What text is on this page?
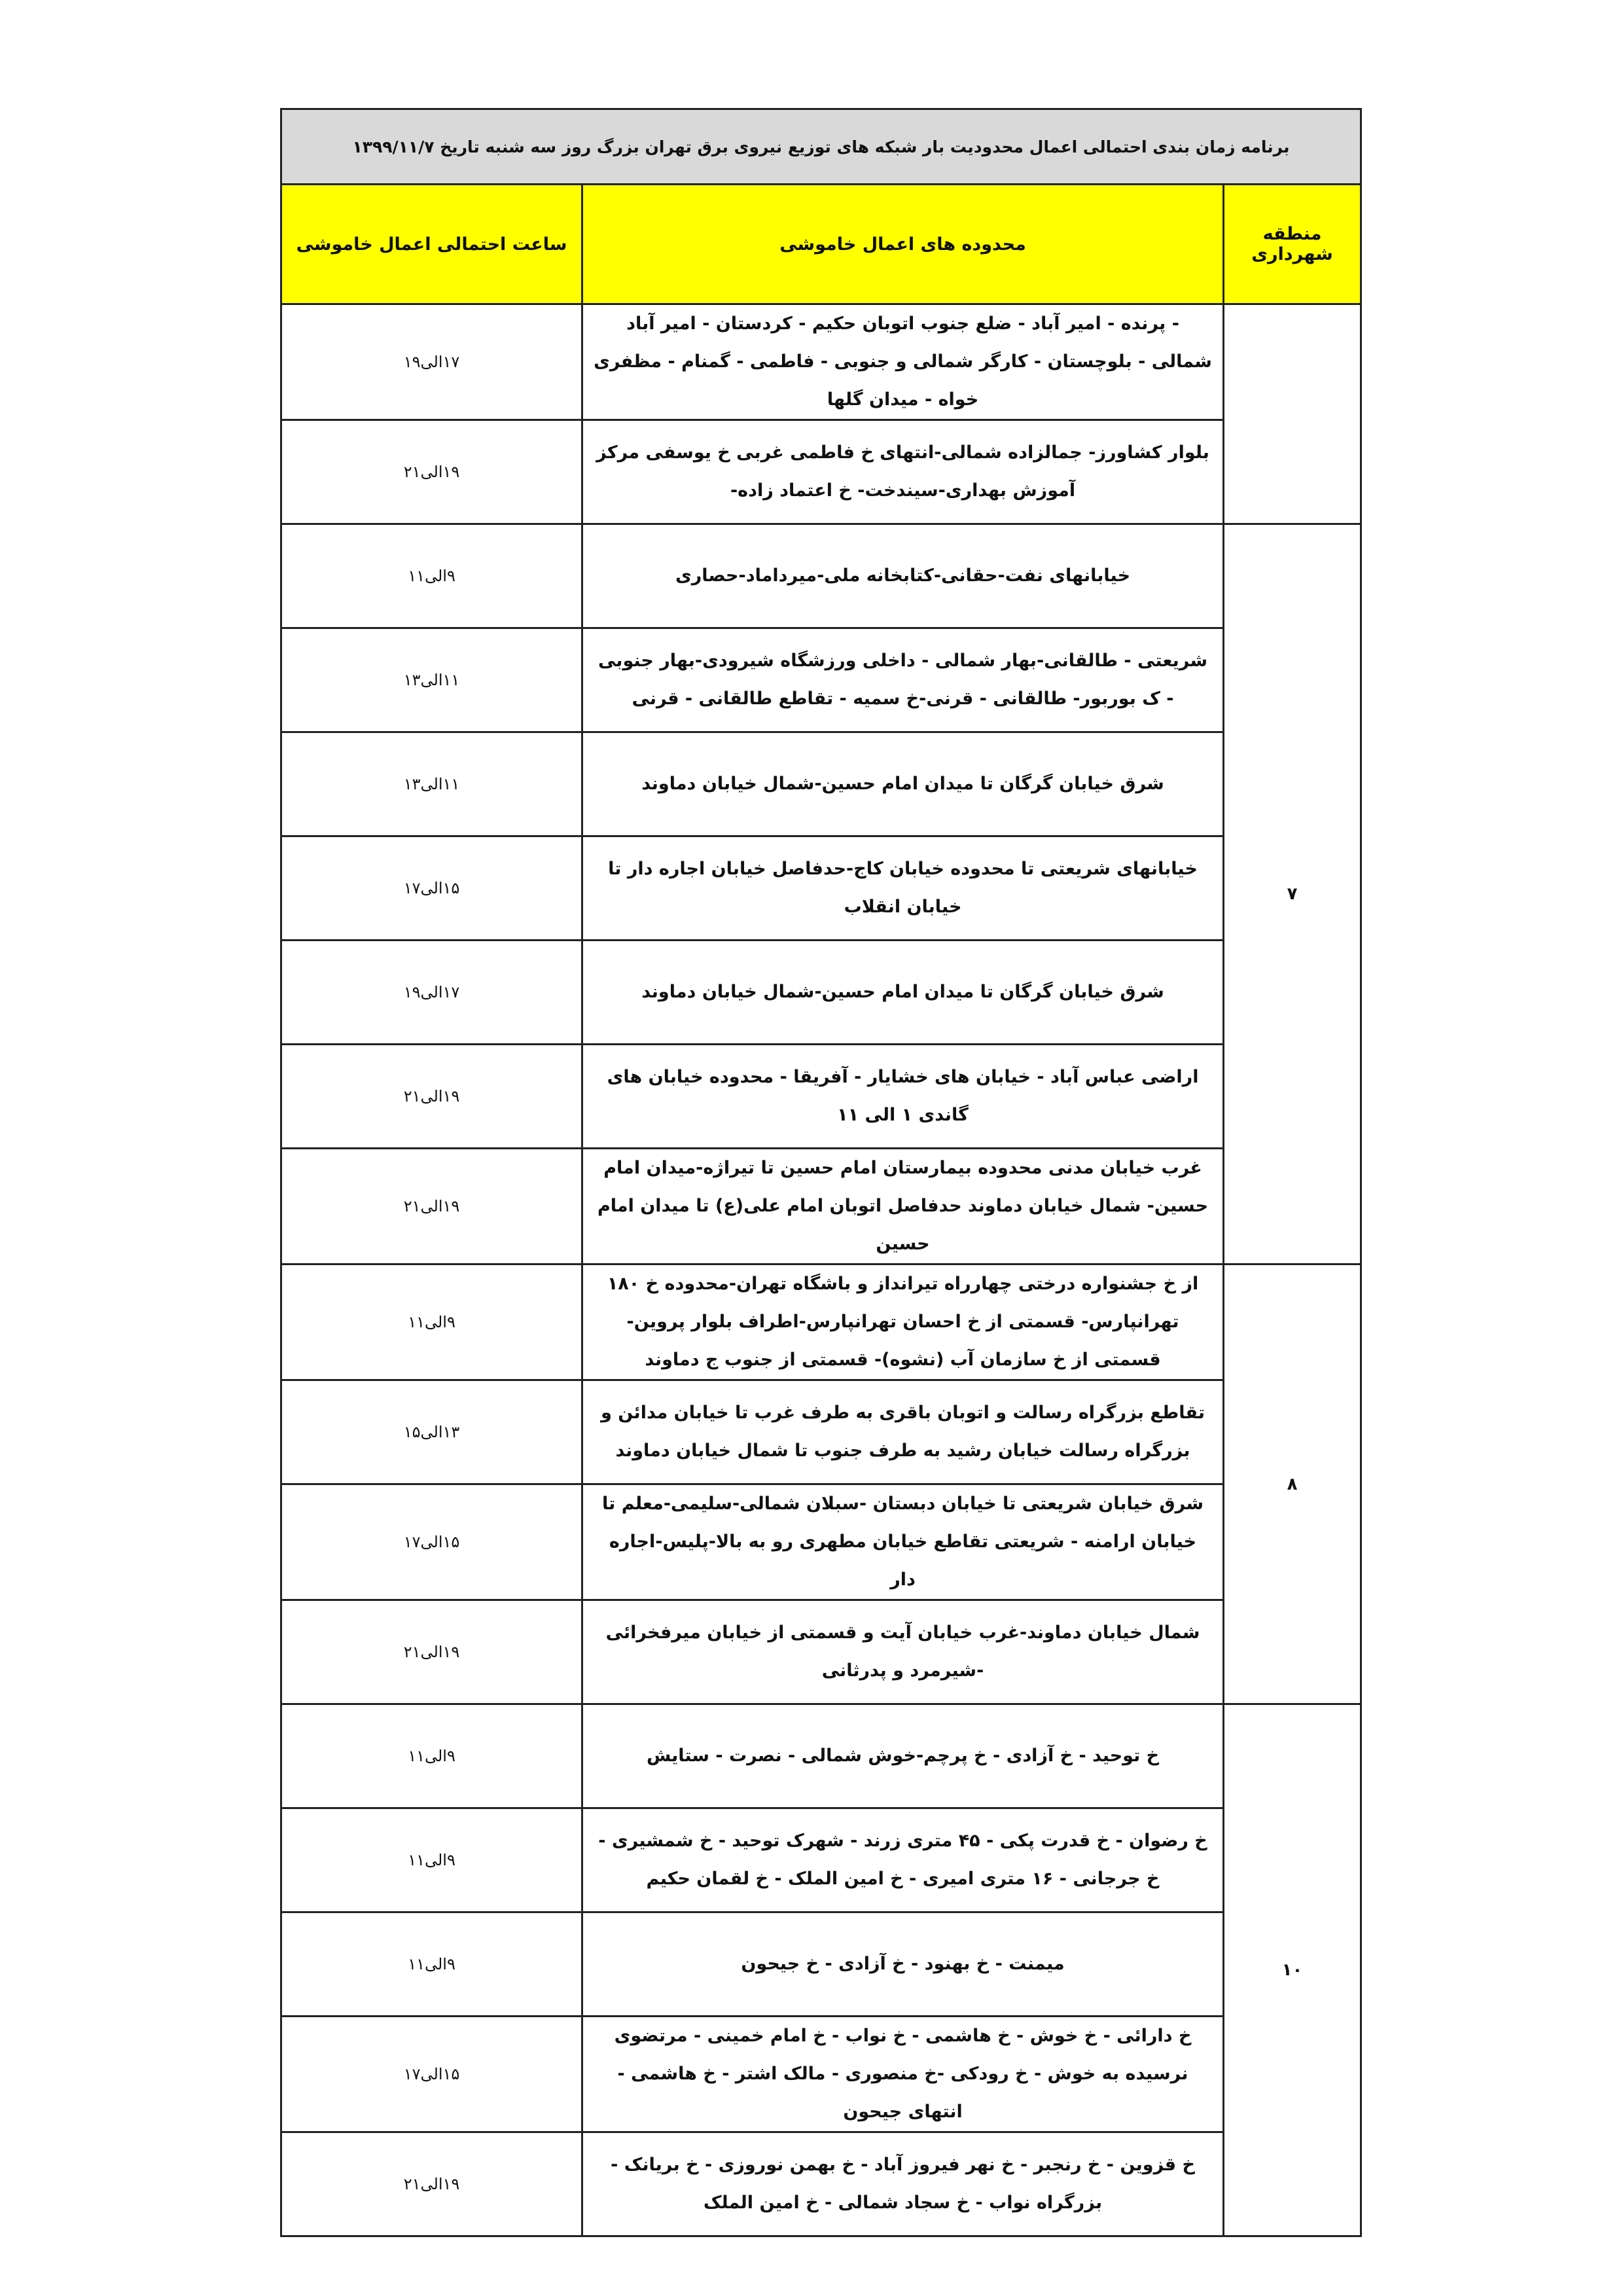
برنامه زمان بندی احتمالی اعمال محدودیت بار شبکه های توزیع نیروی برق تهران بزرگ روز سه شنبه تاریخ ۱۳۹۹/۱۱/۷		
منطقه شهرداری	محدوده های اعمال خاموشی	ساعت احتمالی اعمال خاموشی
	- پرنده - امیر آباد - ضلع جنوب اتوبان حکیم - کردستان - امیر آباد شمالی - بلوچستان - کارگر شمالی و جنوبی - فاطمی - گمنام - مظفری خواه - میدان گلها	۱۷الی۱۹
	بلوار کشاورز- جمالزاده شمالی-انتهای خ فاطمی غربی خ یوسفی مرکز آموزش بهداری-سیندخت- خ اعتماد زاده-	۱۹الی۲۱
۷	خیابانهای نفت-حقانی-کتابخانه ملی-میرداماد-حصاری	۹الی۱۱
	شریعتی - طالقانی-بهار شمالی - داخلی ورزشگاه شیرودی-بهار جنوبی - ک بوربور- طالقانی - قرنی-خ سمیه - تقاطع طالقانی - قرنی	۱۱الی۱۳
	شرق خیابان گرگان تا میدان امام حسین-شمال خیابان دماوند	۱۱الی۱۳
	خیابانهای شریعتی تا محدوده خیابان کاج-حدفاصل خیابان اجاره دار تا خیابان انقلاب	۱۵الی۱۷
	شرق خیابان گرگان تا میدان امام حسین-شمال خیابان دماوند	۱۷الی۱۹
	اراضی عباس آباد - خیابان های خشایار - آفریقا - محدوده خیابان های گاندی ۱ الی ۱۱	۱۹الی۲۱
	غرب خیابان مدنی محدوده بیمارستان امام حسین تا تیراژه-میدان امام حسین- شمال خیابان دماوند حدفاصل اتوبان امام علی(ع) تا میدان امام حسین	۱۹الی۲۱
۸	از خ جشنواره درختی چهارراه تیرانداز و باشگاه تهران-محدوده خ ۱۸۰ تهرانپارس- قسمتی از خ احسان تهرانپارس-اطراف بلوار پروین-قسمتی از خ سازمان آب (نشوه)- قسمتی از جنوب ج دماوند	۹الی۱۱
	تقاطع بزرگراه رسالت و اتوبان باقری به طرف غرب تا خیابان مدائن و بزرگراه رسالت خیابان رشید به طرف جنوب تا شمال خیابان دماوند	۱۳الی۱۵
	شرق خیابان شریعتی تا خیابان دبستان -سبلان شمالی-سلیمی-معلم تا خیابان ارامنه - شریعتی تقاطع خیابان مطهری رو به بالا-پلیس-اجاره دار	۱۵الی۱۷
	شمال خیابان دماوند-غرب خیابان آیت و قسمتی از خیابان میرفخرائی -شیرمرد و پدرثانی	۱۹الی۲۱
۱۰	خ توحید - خ آزادی - خ پرچم-خوش شمالی - نصرت - ستایش	۹الی۱۱
	خ رضوان - خ قدرت پکی - ۴۵ متری زرند - شهرک توحید - خ شمشیری - خ جرجانی - ۱۶ متری امیری - خ امین الملک - خ لقمان حکیم	۹الی۱۱
	میمنت - خ بهنود - خ آزادی - خ جیحون	۹الی۱۱
	خ دارائی - خ خوش - خ هاشمی - خ نواب - خ امام خمینی - مرتضوی نرسیده به خوش - خ رودکی -خ منصوری - مالک اشتر - خ هاشمی - انتهای جیحون	۱۵الی۱۷
	خ قزوین - خ رنجبر - خ نهر فیروز آباد - خ بهمن نوروزی - خ بریانک - بزرگراه نواب - خ سجاد شمالی - خ امین الملک	۱۹الی۲۱
